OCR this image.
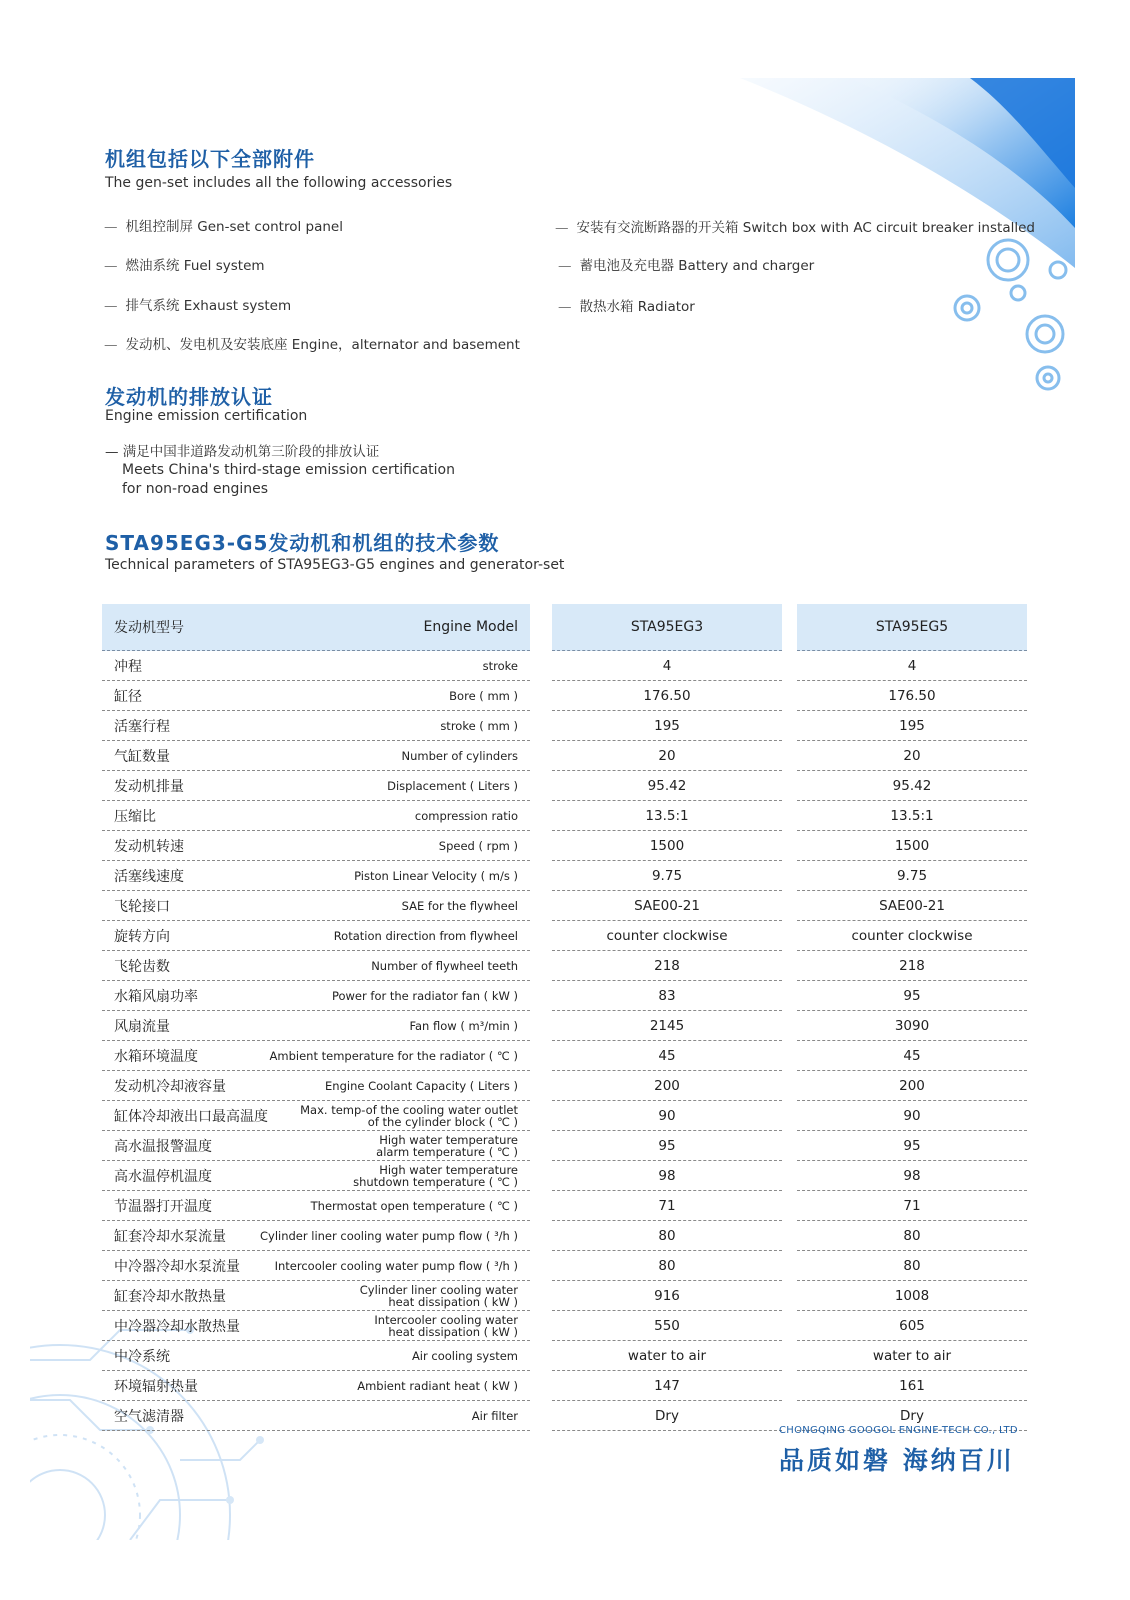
机组包括以下全部附件
The gen-set includes all the following accessories
— 机组控制屏 Gen-set control panel
— 燃油系统 Fuel system
— 排气系统 Exhaust system
— 发动机、发电机及安装底座 Engine，alternator and basement
— 安装有交流断路器的开关箱 Switch box with AC circuit breaker installed
— 蓄电池及充电器 Battery and charger
— 散热水箱 Radiator
发动机的排放认证
Engine emission certification
— 满足中国非道路发动机第三阶段的排放认证
Meets China's third-stage emission certification
for non-road engines
STA95EG3-G5发动机和机组的技术参数
Technical parameters of STA95EG3-G5 engines and generator-set
发动机型号 Engine Model		STA95EG3		STA95EG5

冲程 stroke		4		4

缸径 Bore ( mm )		176.50		176.50

活塞行程 stroke ( mm )		195		195

气缸数量 Number of cylinders		20		20

发动机排量 Displacement ( Liters )		95.42		95.42

压缩比 compression ratio		13.5:1		13.5:1

发动机转速 Speed ( rpm )		1500		1500

活塞线速度 Piston Linear Velocity ( m/s )		9.75		9.75

飞轮接口 SAE for the flywheel		SAE00-21		SAE00-21

旋转方向 Rotation direction from flywheel		counter clockwise		counter clockwise

飞轮齿数 Number of flywheel teeth		218		218

水箱风扇功率 Power for the radiator fan ( kW )		83		95

风扇流量 Fan flow ( m³/min )		2145		3090

水箱环境温度 Ambient temperature for the radiator ( ℃ )		45		45

发动机冷却液容量 Engine Coolant Capacity ( Liters )		200		200

缸体冷却液出口最高温度 Max. temp-of the cooling water outlet
of the cylinder block ( ℃ )		90		90

高水温报警温度 High water temperature
alarm temperature ( ℃ )		95		95

高水温停机温度 High water temperature
shutdown temperature ( ℃ )		98		98

节温器打开温度 Thermostat open temperature ( ℃ )		71		71

缸套冷却水泵流量 Cylinder liner cooling water pump flow ( ³/h )		80		80

中冷器冷却水泵流量 Intercooler cooling water pump flow ( ³/h )		80		80

缸套冷却水散热量 Cylinder liner cooling water
heat dissipation ( kW )		916		1008

中冷器冷却水散热量 Intercooler cooling water
heat dissipation ( kW )		550		605

中冷系统 Air cooling system		water to air		water to air

环境辐射热量 Ambient radiant heat ( kW )		147		161

空气滤清器 Air filter		Dry		Dry
CHONGQING GOOGOL ENGINE-TECH CO., LTD
品质如磐 海纳百川
